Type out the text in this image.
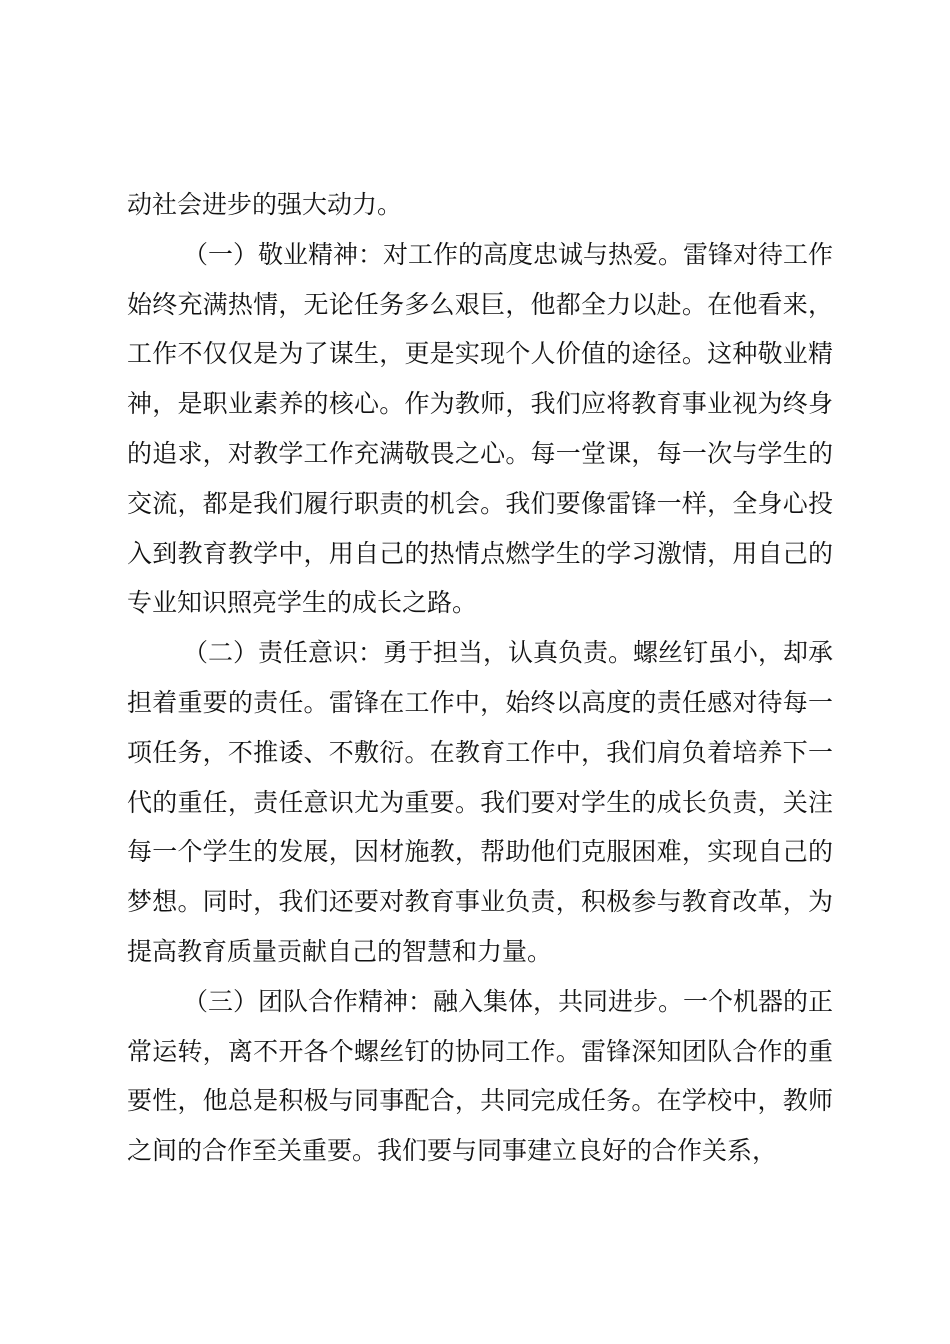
动社会进步的强大动力。

（一）敬业精神：对工作的高度忠诚与热爱。雷锋对待工作始终充满热情，无论任务多么艰巨，他都全力以赴。在他看来，工作不仅仅是为了谋生，更是实现个人价值的途径。这种敬业精神，是职业素养的核心。作为教师，我们应将教育事业视为终身的追求，对教学工作充满敬畏之心。每一堂课，每一次与学生的交流，都是我们履行职责的机会。我们要像雷锋一样，全身心投入到教育教学中，用自己的热情点燃学生的学习激情，用自己的专业知识照亮学生的成长之路。

（二）责任意识：勇于担当，认真负责。螺丝钉虽小，却承担着重要的责任。雷锋在工作中，始终以高度的责任感对待每一项任务，不推诿、不敷衍。在教育工作中，我们肩负着培养下一代的重任，责任意识尤为重要。我们要对学生的成长负责，关注每一个学生的发展，因材施教，帮助他们克服困难，实现自己的梦想。同时，我们还要对教育事业负责，积极参与教育改革，为提高教育质量贡献自己的智慧和力量。

（三）团队合作精神：融入集体，共同进步。一个机器的正常运转，离不开各个螺丝钉的协同工作。雷锋深知团队合作的重要性，他总是积极与同事配合，共同完成任务。在学校中，教师之间的合作至关重要。我们要与同事建立良好的合作关系，
